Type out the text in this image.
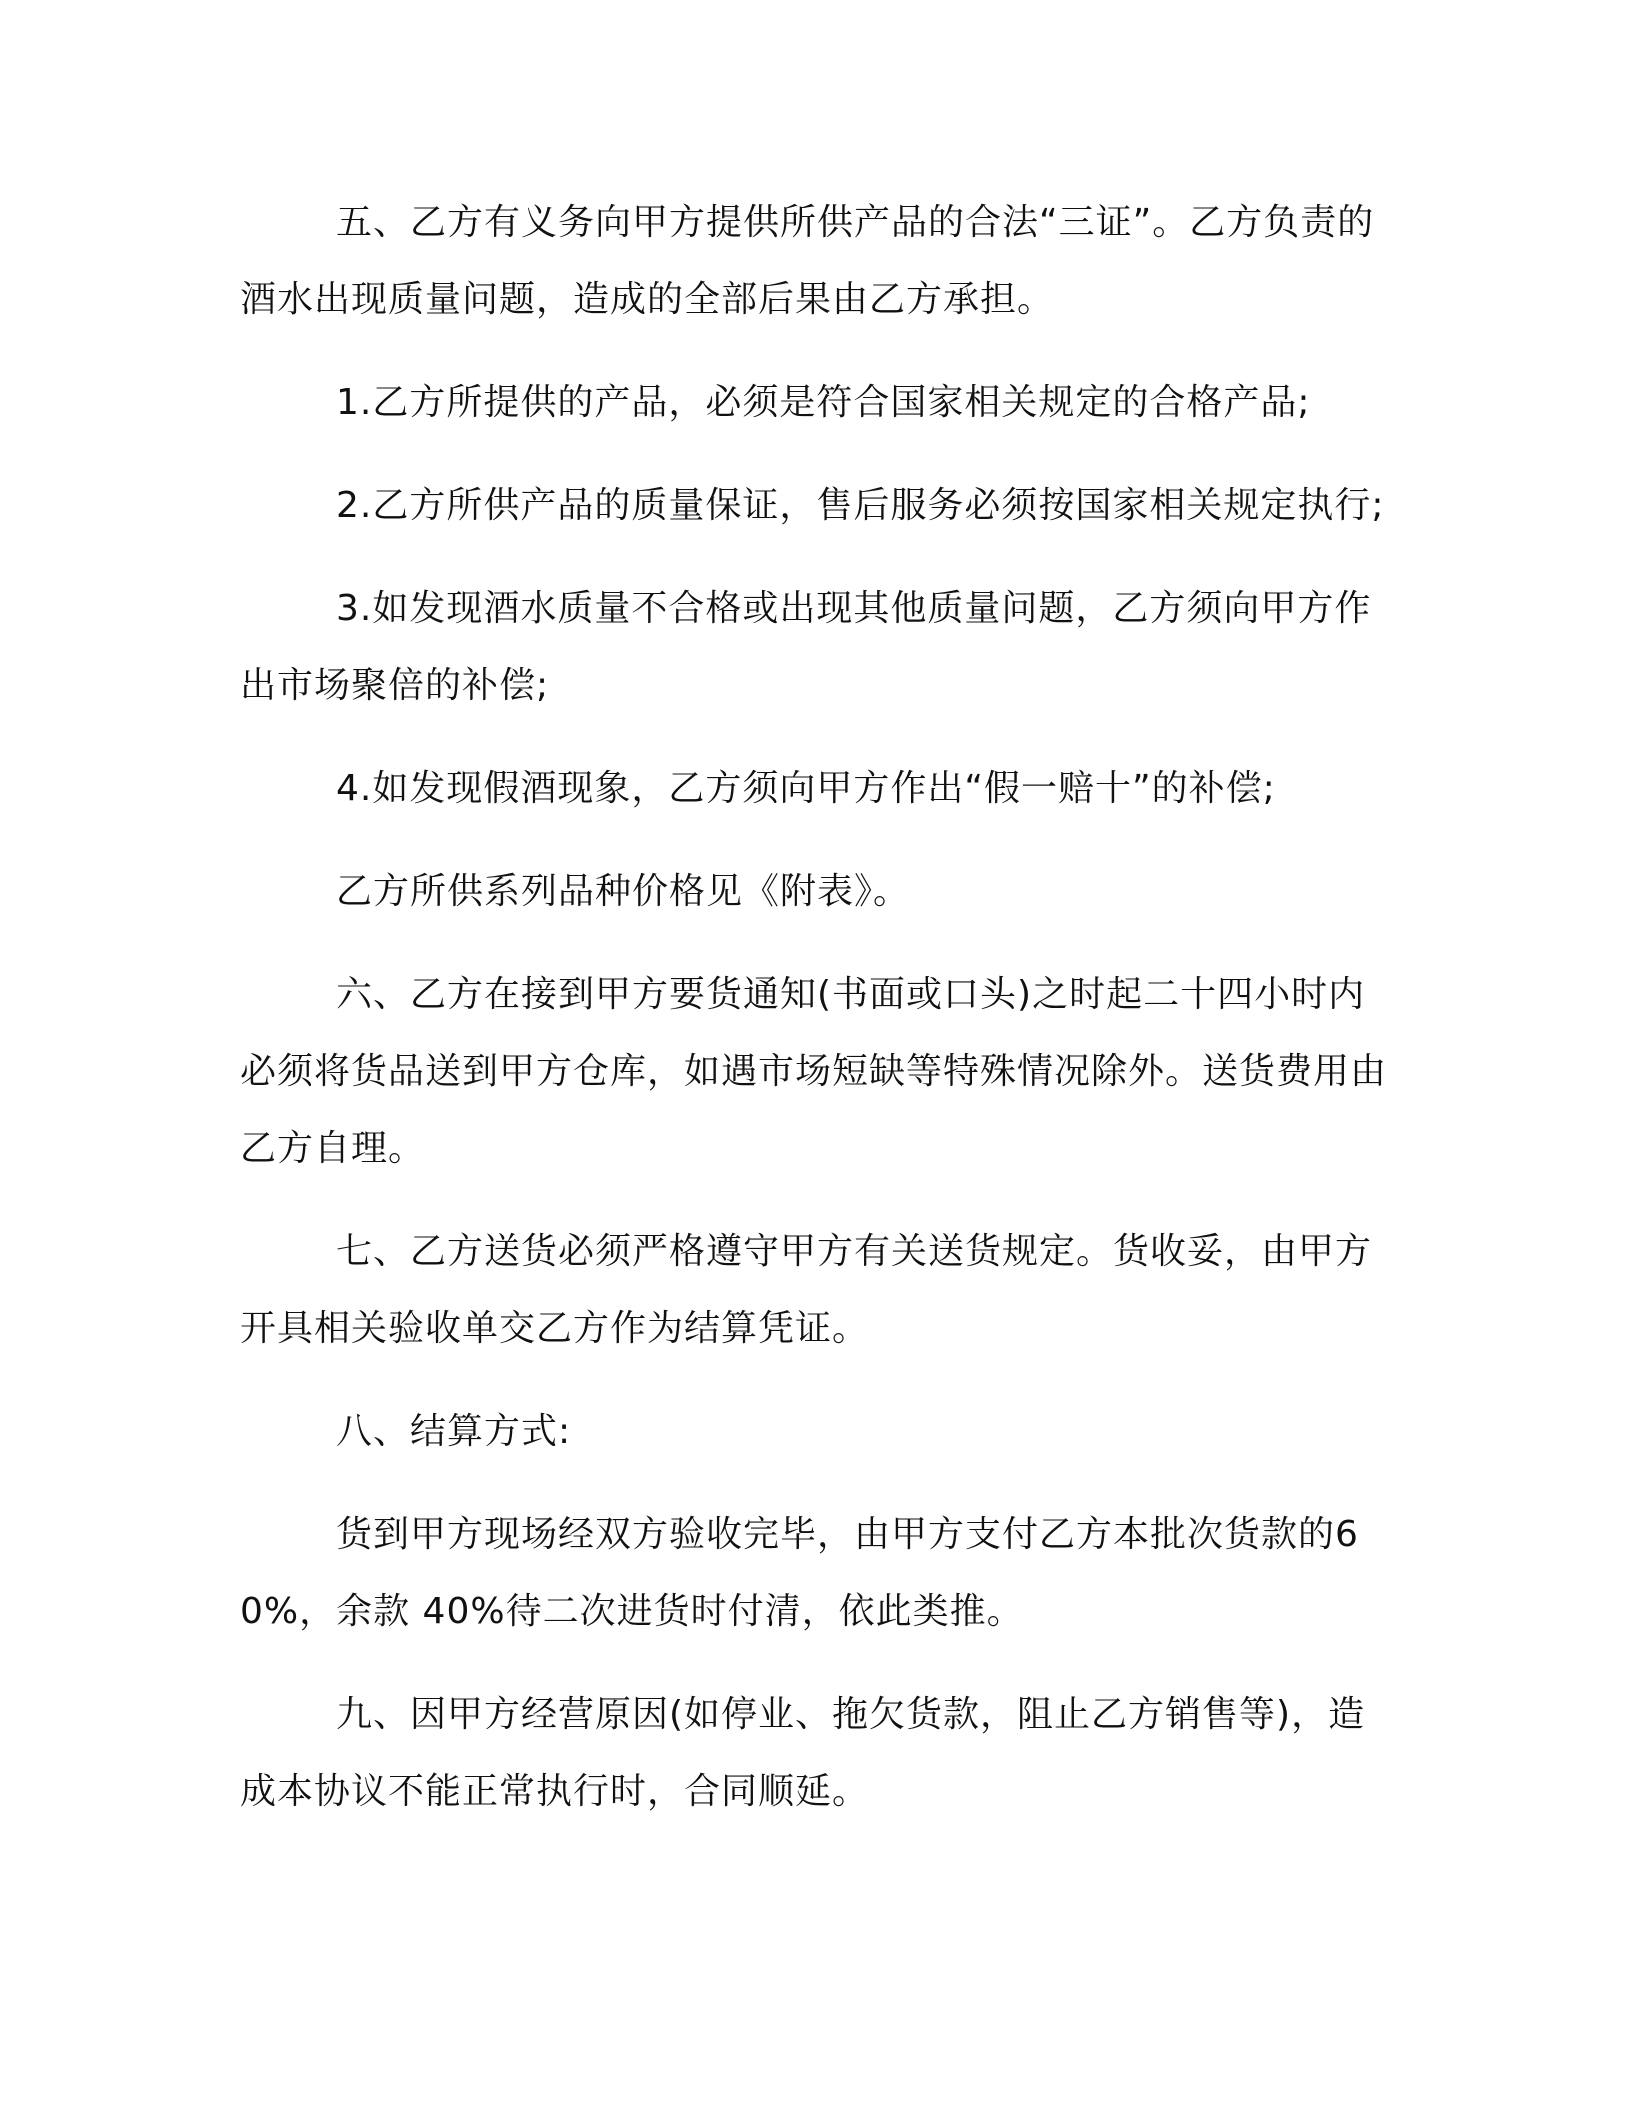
五、乙方有义务向甲方提供所供产品的合法“三证”。乙方负责的酒水出现质量问题，造成的全部后果由乙方承担。

1.乙方所提供的产品，必须是符合国家相关规定的合格产品;

2.乙方所供产品的质量保证，售后服务必须按国家相关规定执行;

3.如发现酒水质量不合格或出现其他质量问题，乙方须向甲方作出市场聚倍的补偿;

4.如发现假酒现象，乙方须向甲方作出“假一赔十”的补偿;

乙方所供系列品种价格见《附表》。

六、乙方在接到甲方要货通知(书面或口头)之时起二十四小时内必须将货品送到甲方仓库，如遇市场短缺等特殊情况除外。送货费用由乙方自理。

七、乙方送货必须严格遵守甲方有关送货规定。货收妥，由甲方开具相关验收单交乙方作为结算凭证。

八、结算方式:

货到甲方现场经双方验收完毕，由甲方支付乙方本批次货款的60%，余款 40%待二次进货时付清，依此类推。

九、因甲方经营原因(如停业、拖欠货款，阻止乙方销售等)，造成本协议不能正常执行时，合同顺延。
